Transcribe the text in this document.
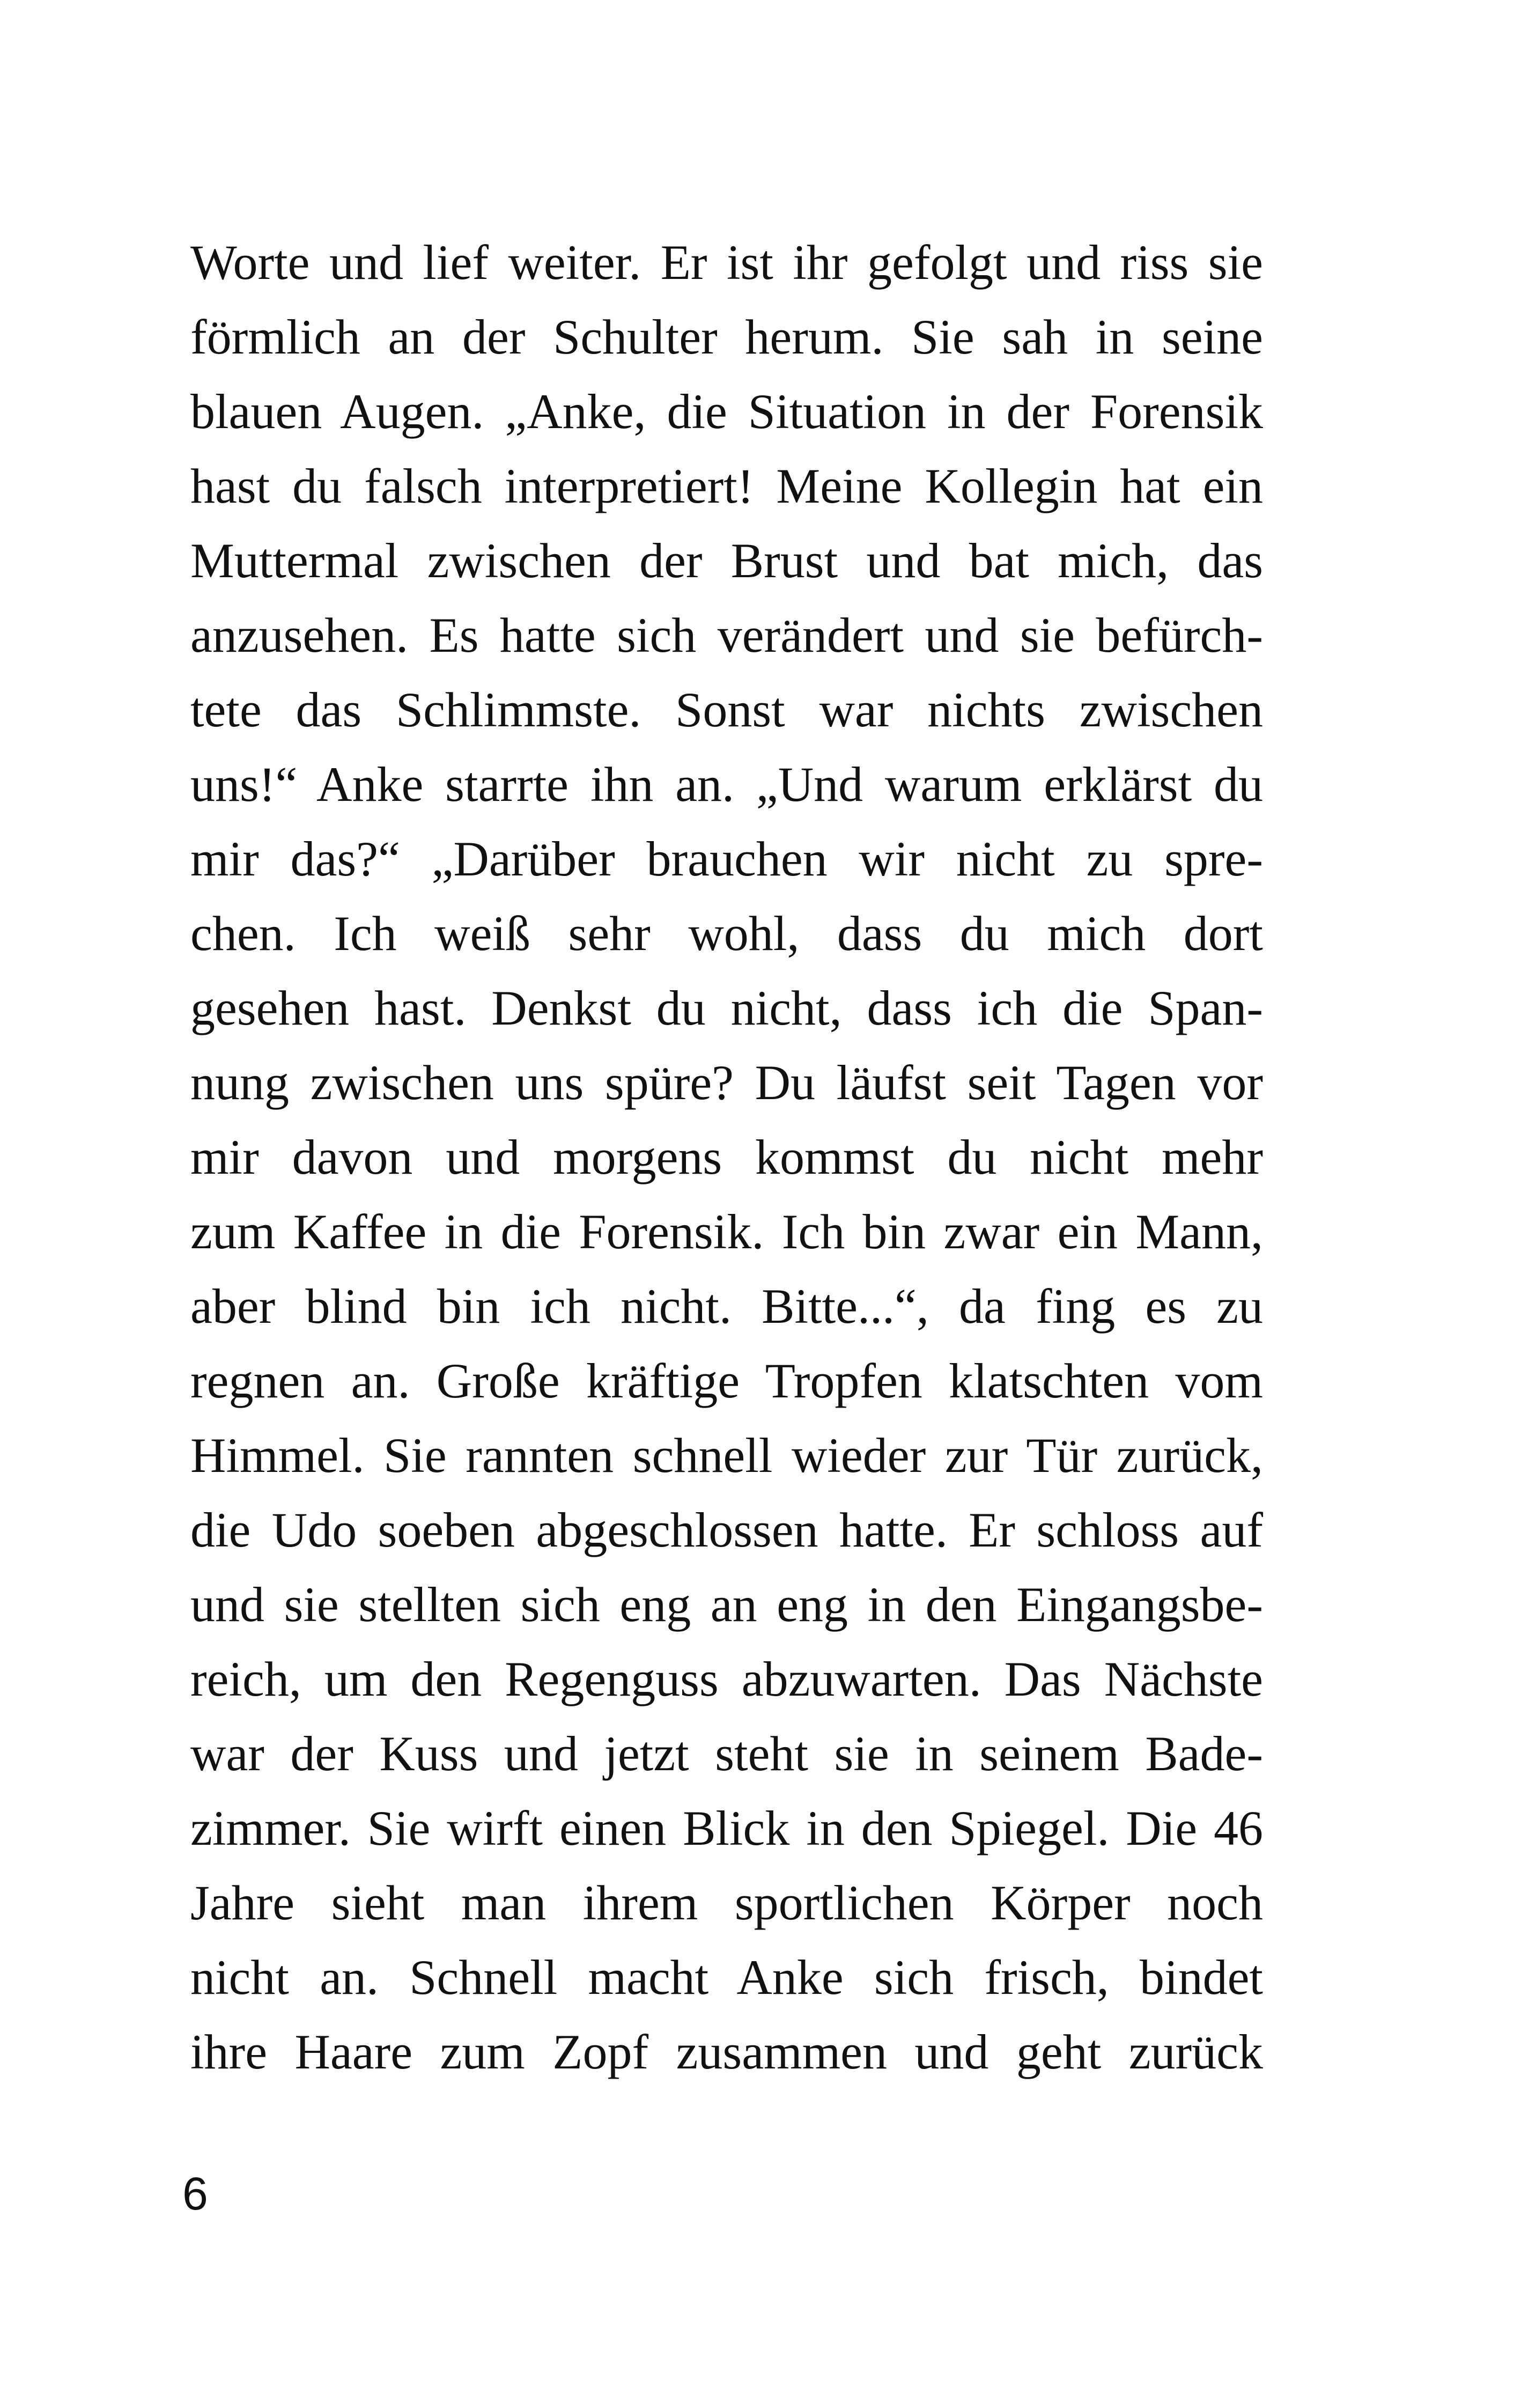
Worte und lief weiter. Er ist ihr gefolgt und riss sie
förmlich an der Schulter herum. Sie sah in seine
blauen Augen. „Anke, die Situation in der Forensik
hast du falsch interpretiert! Meine Kollegin hat ein
Muttermal zwischen der Brust und bat mich, das
anzusehen. Es hatte sich verändert und sie befürch-
tete das Schlimmste. Sonst war nichts zwischen
uns!“ Anke starrte ihn an. „Und warum erklärst du
mir das?“ „Darüber brauchen wir nicht zu spre-
chen. Ich weiß sehr wohl, dass du mich dort
gesehen hast. Denkst du nicht, dass ich die Span-
nung zwischen uns spüre? Du läufst seit Tagen vor
mir davon und morgens kommst du nicht mehr
zum Kaffee in die Forensik. Ich bin zwar ein Mann,
aber blind bin ich nicht. Bitte...“, da fing es zu
regnen an. Große kräftige Tropfen klatschten vom
Himmel. Sie rannten schnell wieder zur Tür zurück,
die Udo soeben abgeschlossen hatte. Er schloss auf
und sie stellten sich eng an eng in den Eingangsbe-
reich, um den Regenguss abzuwarten. Das Nächste
war der Kuss und jetzt steht sie in seinem Bade-
zimmer. Sie wirft einen Blick in den Spiegel. Die 46
Jahre sieht man ihrem sportlichen Körper noch
nicht an. Schnell macht Anke sich frisch, bindet
ihre Haare zum Zopf zusammen und geht zurück
6
